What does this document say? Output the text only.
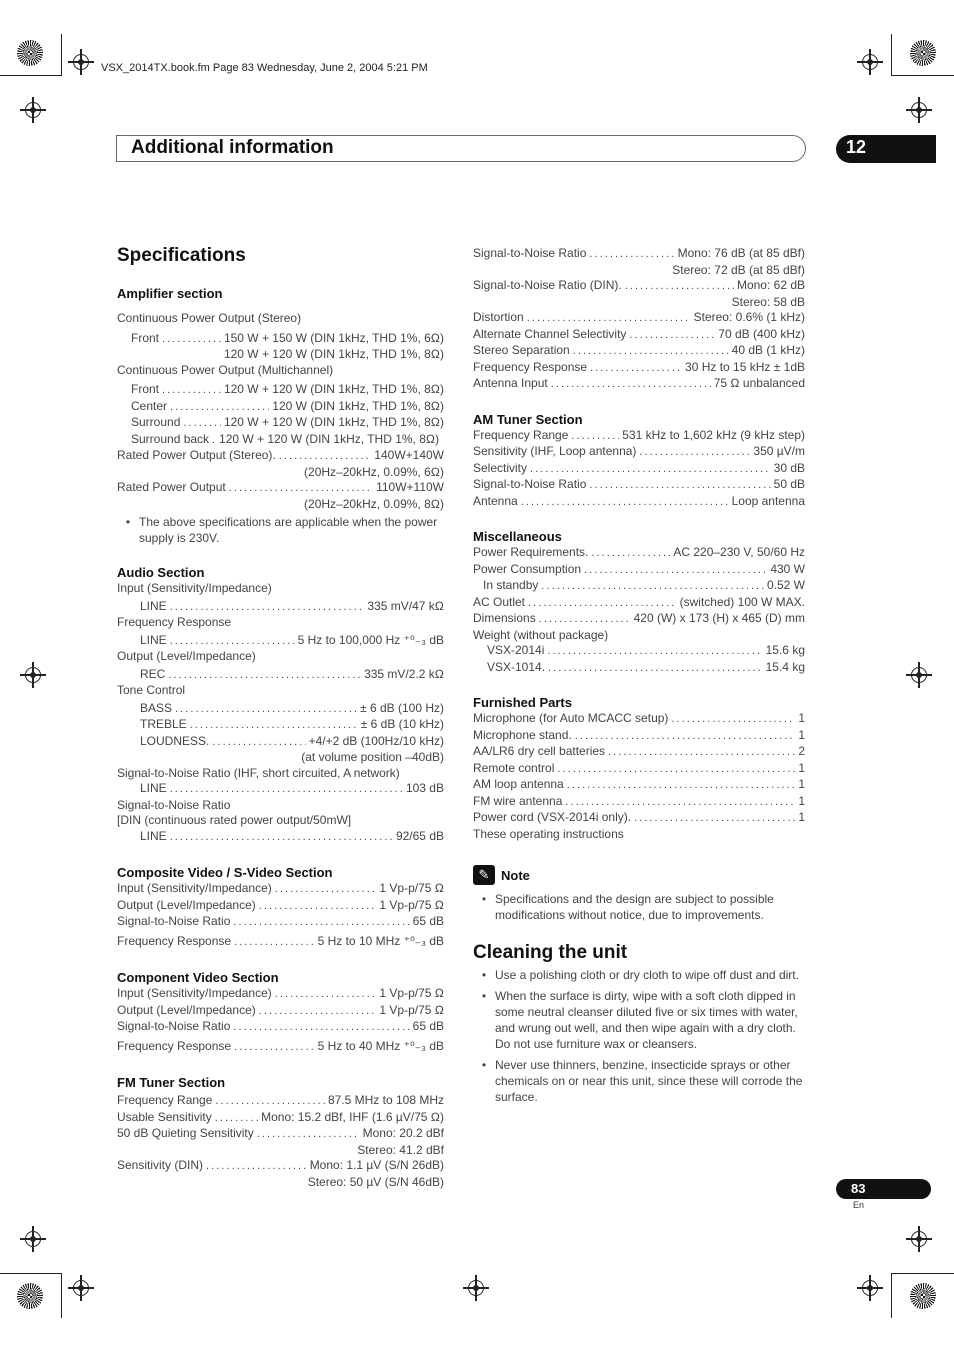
VSX_2014TX.book.fm Page 83 Wednesday, June 2, 2004 5:21 PM
Additional information	12
Specifications
Amplifier section
Continuous Power Output (Stereo)
Front . . .	150 W + 150 W (DIN 1kHz, THD 1%, 6Ω)
120 W + 120 W (DIN 1kHz, THD 1%, 8Ω)
Continuous Power Output (Multichannel)
Front . . .	120 W + 120 W (DIN 1kHz, THD 1%, 8Ω)
Center . . .	120 W (DIN 1kHz, THD 1%, 8Ω)
Surround . . .	120 W + 120 W (DIN 1kHz, THD 1%, 8Ω)
Surround back . . . 120 W + 120 W (DIN 1kHz, THD 1%, 8Ω)
Rated Power Output (Stereo). . . .	140W+140W
(20Hz–20kHz, 0.09%, 6Ω)
Rated Power Output . . .	110W+110W
(20Hz–20kHz, 0.09%, 8Ω)
• The above specifications are applicable when the power supply is 230V.
Audio Section
Input (Sensitivity/Impedance)
LINE . . .	335 mV/47 kΩ
Frequency Response
LINE . . .	5 Hz to 100,000 Hz ⁺⁰₋₃ dB
Output (Level/Impedance)
REC . . .	335 mV/2.2 kΩ
Tone Control
BASS . . .	± 6 dB (100 Hz)
TREBLE . . .	± 6 dB (10 kHz)
LOUDNESS. . . .	+4/+2 dB (100Hz/10 kHz)
(at volume position –40dB)
Signal-to-Noise Ratio (IHF, short circuited, A network)
LINE . . .	103 dB
Signal-to-Noise Ratio
[DIN (continuous rated power output/50mW]
LINE . . .	92/65 dB
Composite Video / S-Video Section
Input (Sensitivity/Impedance) . . .	1 Vp-p/75 Ω
Output (Level/Impedance) . . .	1 Vp-p/75 Ω
Signal-to-Noise Ratio . . .	65 dB
Frequency Response . . .	5 Hz to 10 MHz ⁺⁰₋₃ dB
Component Video Section
Input (Sensitivity/Impedance) . . .	1 Vp-p/75 Ω
Output (Level/Impedance) . . .	1 Vp-p/75 Ω
Signal-to-Noise Ratio . . .	65 dB
Frequency Response . . .	5 Hz to 40 MHz ⁺⁰₋₃ dB
FM Tuner Section
Frequency Range . . .	87.5 MHz to 108 MHz
Usable Sensitivity . . .	Mono: 15.2 dBf, IHF (1.6 µV/75 Ω)
50 dB Quieting Sensitivity . . .	Mono: 20.2 dBf
Stereo: 41.2 dBf
Sensitivity (DIN) . . .	Mono: 1.1 µV (S/N 26dB)
Stereo: 50 µV (S/N 46dB)
Signal-to-Noise Ratio . . .	Mono: 76 dB (at 85 dBf)
Stereo: 72 dB (at 85 dBf)
Signal-to-Noise Ratio (DIN). . . .	Mono: 62 dB
Stereo: 58 dB
Distortion . . .	Stereo: 0.6% (1 kHz)
Alternate Channel Selectivity . . .	70 dB (400 kHz)
Stereo Separation . . .	40 dB (1 kHz)
Frequency Response . . .	30 Hz to 15 kHz ± 1dB
Antenna Input . . .	75 Ω unbalanced
AM Tuner Section
Frequency Range . . .	531 kHz to 1,602 kHz (9 kHz step)
Sensitivity (IHF, Loop antenna) . . .	350 µV/m
Selectivity . . .	30 dB
Signal-to-Noise Ratio . . .	50 dB
Antenna . . .	Loop antenna
Miscellaneous
Power Requirements. . . .	AC 220–230 V, 50/60 Hz
Power Consumption . . .	430 W
In standby . . .	0.52 W
AC Outlet . . .	(switched) 100 W MAX.
Dimensions . . .	420 (W) x 173 (H) x 465 (D) mm
Weight (without package)
VSX-2014i . . .	15.6 kg
VSX-1014. . . .	15.4 kg
Furnished Parts
Microphone (for Auto MCACC setup) . . .	1
Microphone stand. . . .	1
AA/LR6 dry cell batteries . . .	2
Remote control . . .	1
AM loop antenna . . .	1
FM wire antenna . . .	1
Power cord (VSX-2014i only). . . .	1
These operating instructions
✎ Note
• Specifications and the design are subject to possible modifications without notice, due to improvements.
Cleaning the unit
• Use a polishing cloth or dry cloth to wipe off dust and dirt.
• When the surface is dirty, wipe with a soft cloth dipped in some neutral cleanser diluted five or six times with water, and wrung out well, and then wipe again with a dry cloth. Do not use furniture wax or cleansers.
• Never use thinners, benzine, insecticide sprays or other chemicals on or near this unit, since these will corrode the surface.
83
En
